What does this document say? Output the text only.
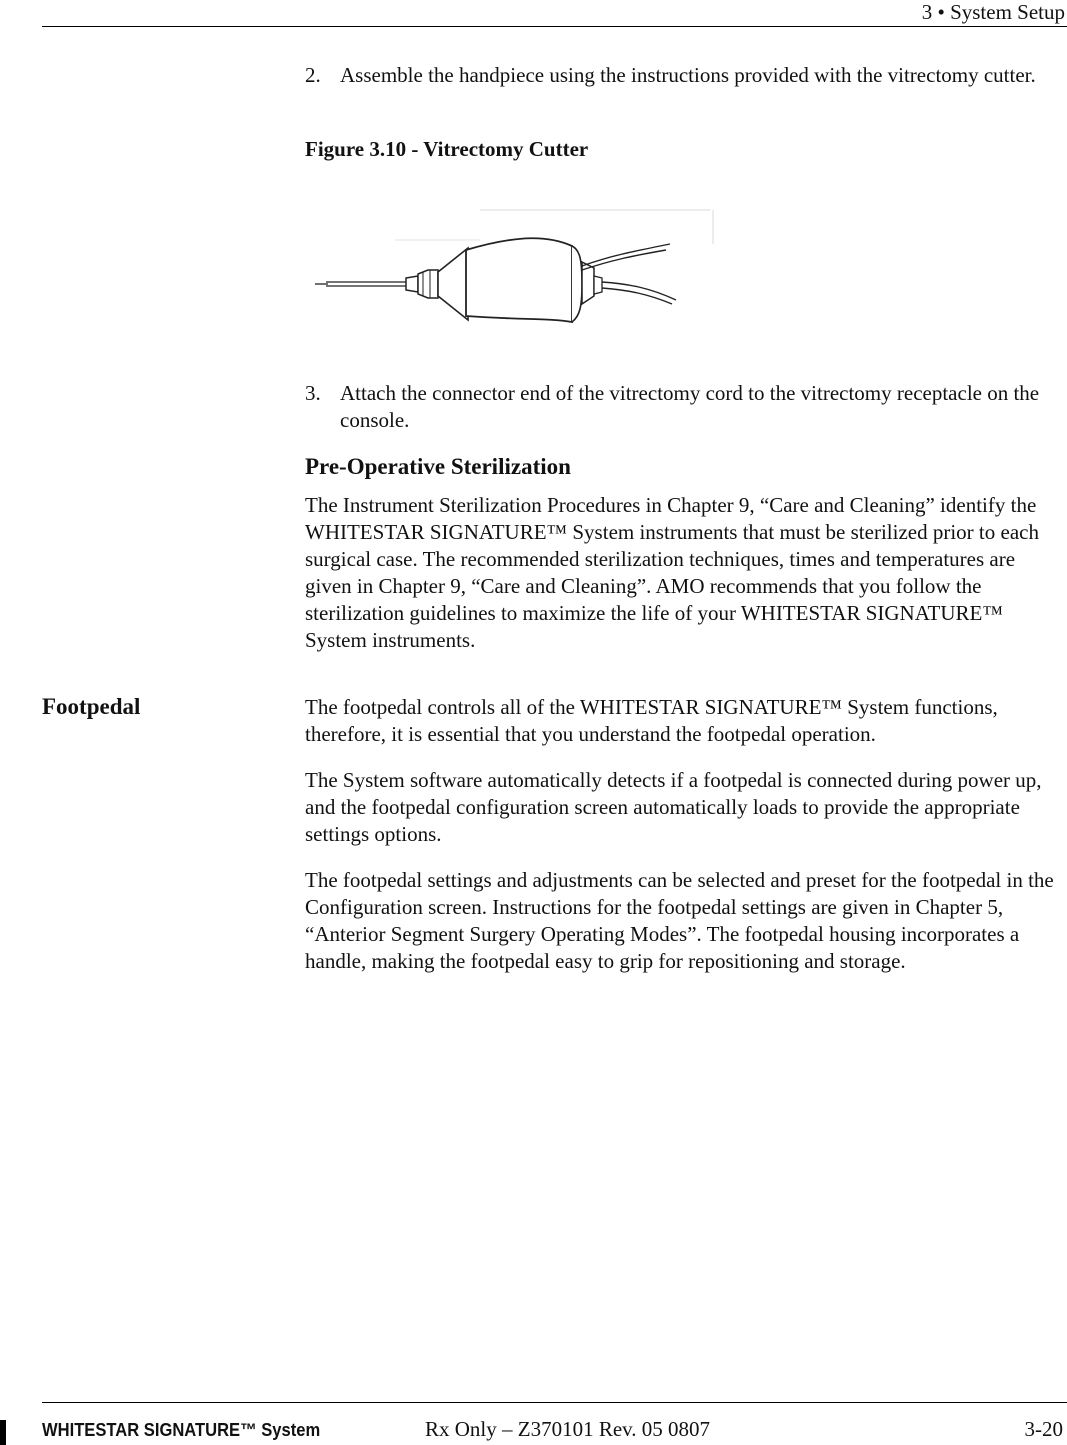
3 • System Setup
2. Assemble the handpiece using the instructions provided with the vitrectomy cutter.
Figure 3.10 - Vitrectomy Cutter
3. Attach the connector end of the vitrectomy cord to the vitrectomy receptacle on the console.
Pre-Operative Sterilization

The Instrument Sterilization Procedures in Chapter 9, “Care and Cleaning” identify the WHITESTAR SIGNATURE™ System instruments that must be sterilized prior to each surgical case. The recommended sterilization techniques, times and temperatures are given in Chapter 9, “Care and Cleaning”. AMO recommends that you follow the sterilization guidelines to maximize the life of your WHITESTAR SIGNATURE™ System instruments.

Footpedal	The footpedal controls all of the WHITESTAR SIGNATURE™ System functions, therefore, it is essential that you understand the footpedal operation.

The System software automatically detects if a footpedal is connected during power up, and the footpedal configuration screen automatically loads to provide the appropriate settings options.

The footpedal settings and adjustments can be selected and preset for the footpedal in the Configuration screen. Instructions for the footpedal settings are given in Chapter 5, “Anterior Segment Surgery Operating Modes”. The footpedal housing incorporates a handle, making the footpedal easy to grip for repositioning and storage.

WHITESTAR SIGNATURE™ System	Rx Only – Z370101 Rev. 05 0807	3-20
